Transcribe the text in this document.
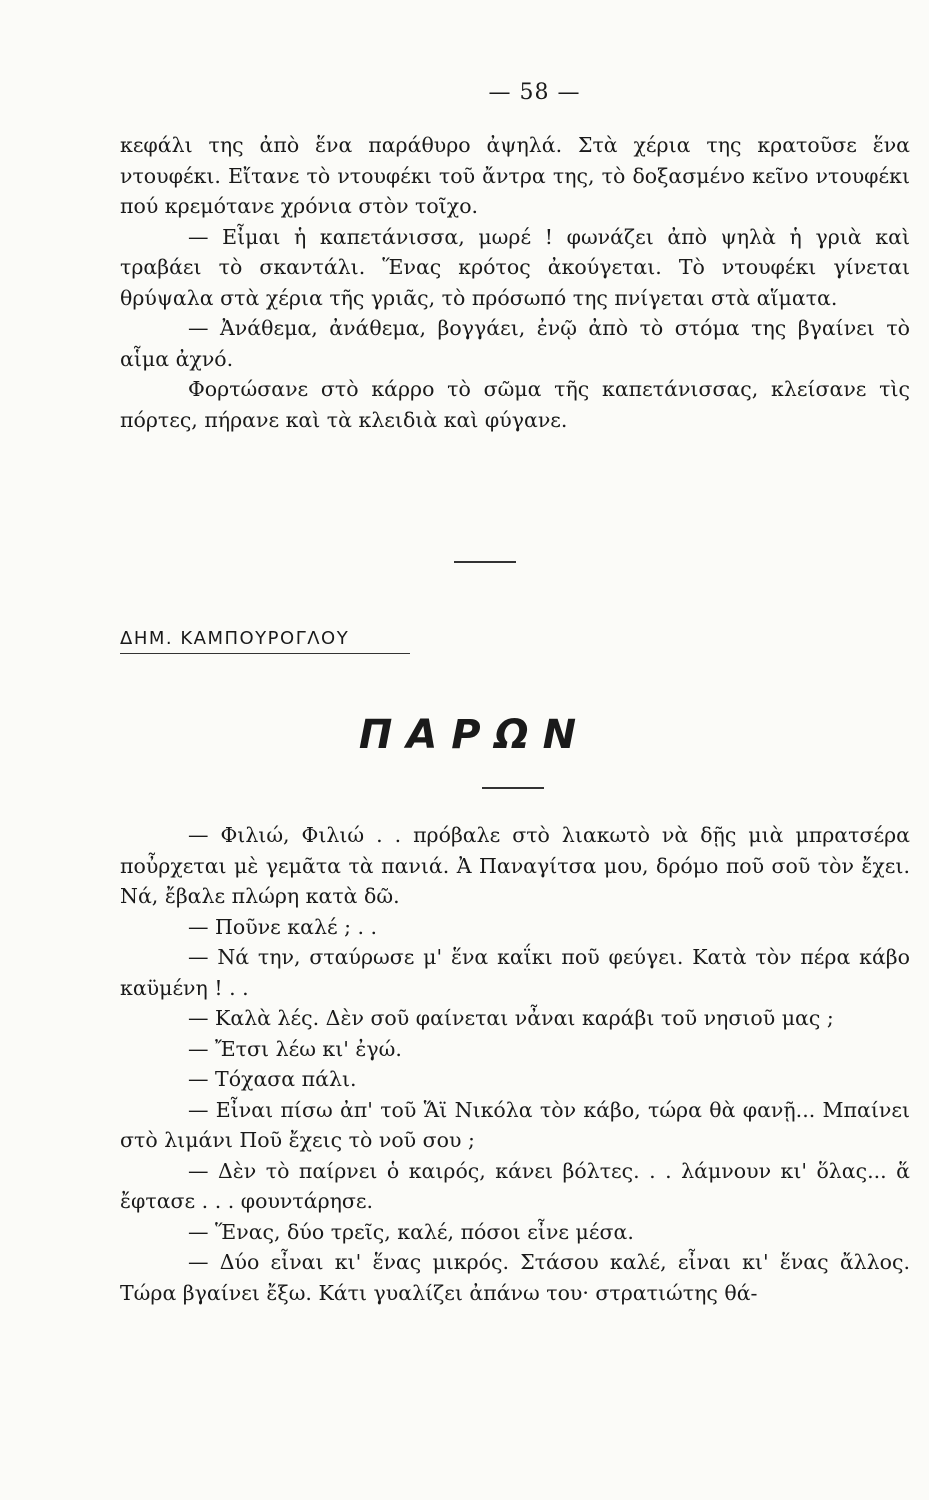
— 58 —

κεφάλι της ἀπὸ ἕνα παράθυρο ἀψηλά. Στὰ χέρια της κρατοῦσε ἕνα ντουφέκι. Εἴτανε τὸ ντουφέκι τοῦ ἄντρα της, τὸ δοξασμένο κεῖνο ντουφέκι πού κρεμότανε χρόνια στὸν τοῖχο.

— Εἶμαι ἡ καπετάνισσα, μωρέ ! φωνάζει ἀπὸ ψηλὰ ἡ γριὰ καὶ τραβάει τὸ σκαντάλι. Ἕνας κρότος ἀκούγεται. Τὸ ντουφέκι γίνεται θρύψαλα στὰ χέρια τῆς γριᾶς, τὸ πρόσωπό της πνίγεται στὰ αἵματα.

— Ἀνάθεμα, ἀνάθεμα, βογγάει, ἐνῷ ἀπὸ τὸ στόμα της βγαίνει τὸ αἷμα ἀχνό.

Φορτώσανε στὸ κάρρο τὸ σῶμα τῆς καπετάνισσας, κλείσανε τὶς πόρτες, πήρανε καὶ τὰ κλειδιὰ καὶ φύγανε.

ΔΗΜ. ΚΑΜΠΟΥΡΟΓΛΟΥ
ΠΑΡΩΝ

— Φιλιώ, Φιλιώ . . πρόβαλε στὸ λιακωτὸ νὰ δῇς μιὰ μπρατσέρα ποὖρχεται μὲ γεμᾶτα τὰ πανιά. Ἀ Παναγίτσα μου, δρόμο ποῦ σοῦ τὸν ἔχει. Νά, ἔβαλε πλώρη κατὰ δῶ.

— Ποῦνε καλέ ; . .

— Νά την, σταύρωσε μ' ἕνα καΐκι ποῦ φεύγει. Κατὰ τὸν πέρα κάβο καϋμένη ! . .

— Καλὰ λές. Δὲν σοῦ φαίνεται νἆναι καράβι τοῦ νησιοῦ μας ;

— Ἔτσι λέω κι' ἐγώ.

— Τόχασα πάλι.

— Εἶναι πίσω ἀπ' τοῦ Ἅϊ Νικόλα τὸν κάβο, τώρα θὰ φανῇ... Μπαίνει στὸ λιμάνι Ποῦ ἔχεις τὸ νοῦ σου ;

— Δὲν τὸ παίρνει ὁ καιρός, κάνει βόλτες. . . λάμνουν κι' ὅλας... ἅ ἔφτασε . . . φουντάρησε.

— Ἕνας, δύο τρεῖς, καλέ, πόσοι εἶνε μέσα.

— Δύο εἶναι κι' ἕνας μικρός. Στάσου καλέ, εἶναι κι' ἕνας ἄλλος. Τώρα βγαίνει ἔξω. Κάτι γυαλίζει ἀπάνω του· στρατιώτης θά-
